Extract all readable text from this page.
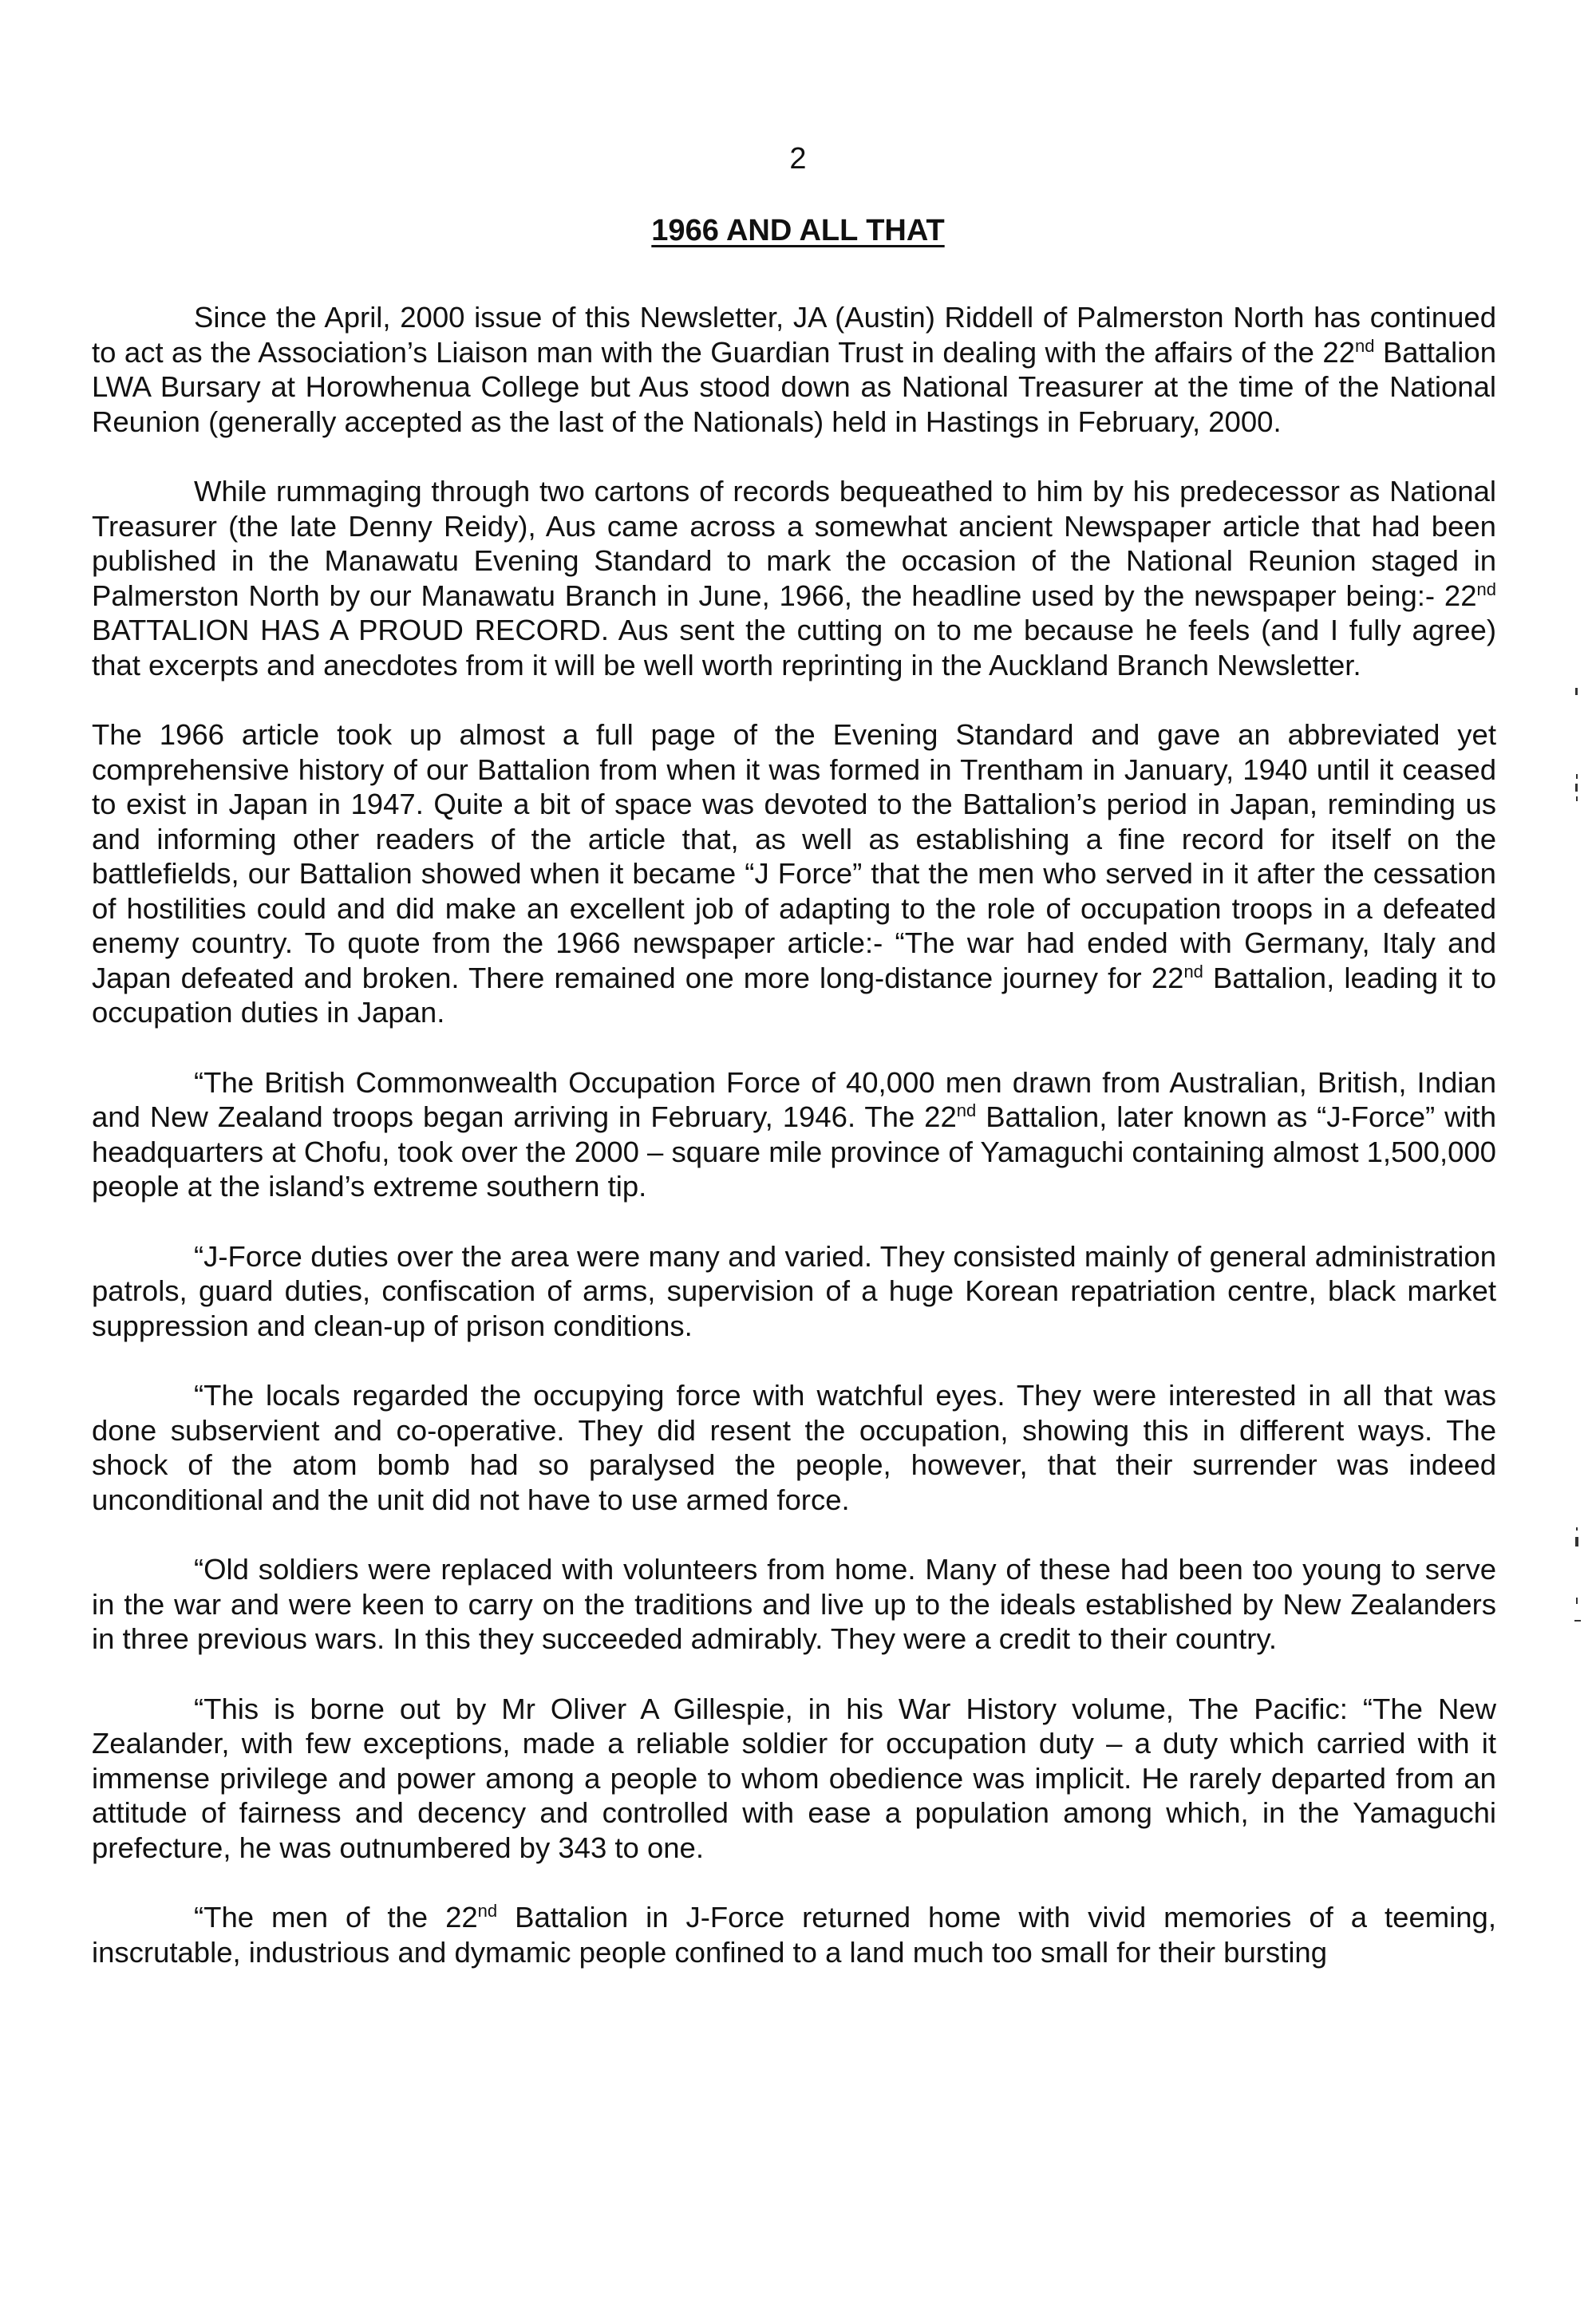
2
1966 AND ALL THAT

Since the April, 2000 issue of this Newsletter, JA (Austin) Riddell of Palmerston North has continued to act as the Association’s Liaison man with the Guardian Trust in dealing with the affairs of the 22nd Battalion LWA Bursary at Horowhenua College but Aus stood down as National Treasurer at the time of the National Reunion (generally accepted as the last of the Nationals) held in Hastings in February, 2000.

While rummaging through two cartons of records bequeathed to him by his predecessor as National Treasurer (the late Denny Reidy), Aus came across a somewhat ancient Newspaper article that had been published in the Manawatu Evening Standard to mark the occasion of the National Reunion staged in Palmerston North by our Manawatu Branch in June, 1966, the headline used by the newspaper being:- 22nd BATTALION HAS A PROUD RECORD. Aus sent the cutting on to me because he feels (and I fully agree) that excerpts and anecdotes from it will be well worth reprinting in the Auckland Branch Newsletter.

The 1966 article took up almost a full page of the Evening Standard and gave an abbreviated yet comprehensive history of our Battalion from when it was formed in Trentham in January, 1940 until it ceased to exist in Japan in 1947. Quite a bit of space was devoted to the Battalion’s period in Japan, reminding us and informing other readers of the article that, as well as establishing a fine record for itself on the battlefields, our Battalion showed when it became “J Force” that the men who served in it after the cessation of hostilities could and did make an excellent job of adapting to the role of occupation troops in a defeated enemy country. To quote from the 1966 newspaper article:- “The war had ended with Germany, Italy and Japan defeated and broken. There remained one more long-distance journey for 22nd Battalion, leading it to occupation duties in Japan.

“The British Commonwealth Occupation Force of 40,000 men drawn from Australian, British, Indian and New Zealand troops began arriving in February, 1946. The 22nd Battalion, later known as “J-Force” with headquarters at Chofu, took over the 2000 – square mile province of Yamaguchi containing almost 1,500,000 people at the island’s extreme southern tip.

“J-Force duties over the area were many and varied. They consisted mainly of general administration patrols, guard duties, confiscation of arms, supervision of a huge Korean repatriation centre, black market suppression and clean-up of prison conditions.

“The locals regarded the occupying force with watchful eyes. They were interested in all that was done subservient and co-operative. They did resent the occupation, showing this in different ways. The shock of the atom bomb had so paralysed the people, however, that their surrender was indeed unconditional and the unit did not have to use armed force.

“Old soldiers were replaced with volunteers from home. Many of these had been too young to serve in the war and were keen to carry on the traditions and live up to the ideals established by New Zealanders in three previous wars. In this they succeeded admirably. They were a credit to their country.

“This is borne out by Mr Oliver A Gillespie, in his War History volume, The Pacific: “The New Zealander, with few exceptions, made a reliable soldier for occupation duty – a duty which carried with it immense privilege and power among a people to whom obedience was implicit. He rarely departed from an attitude of fairness and decency and controlled with ease a population among which, in the Yamaguchi prefecture, he was outnumbered by 343 to one.

“The men of the 22nd Battalion in J-Force returned home with vivid memories of a teeming, inscrutable, industrious and dymamic people confined to a land much too small for their bursting
